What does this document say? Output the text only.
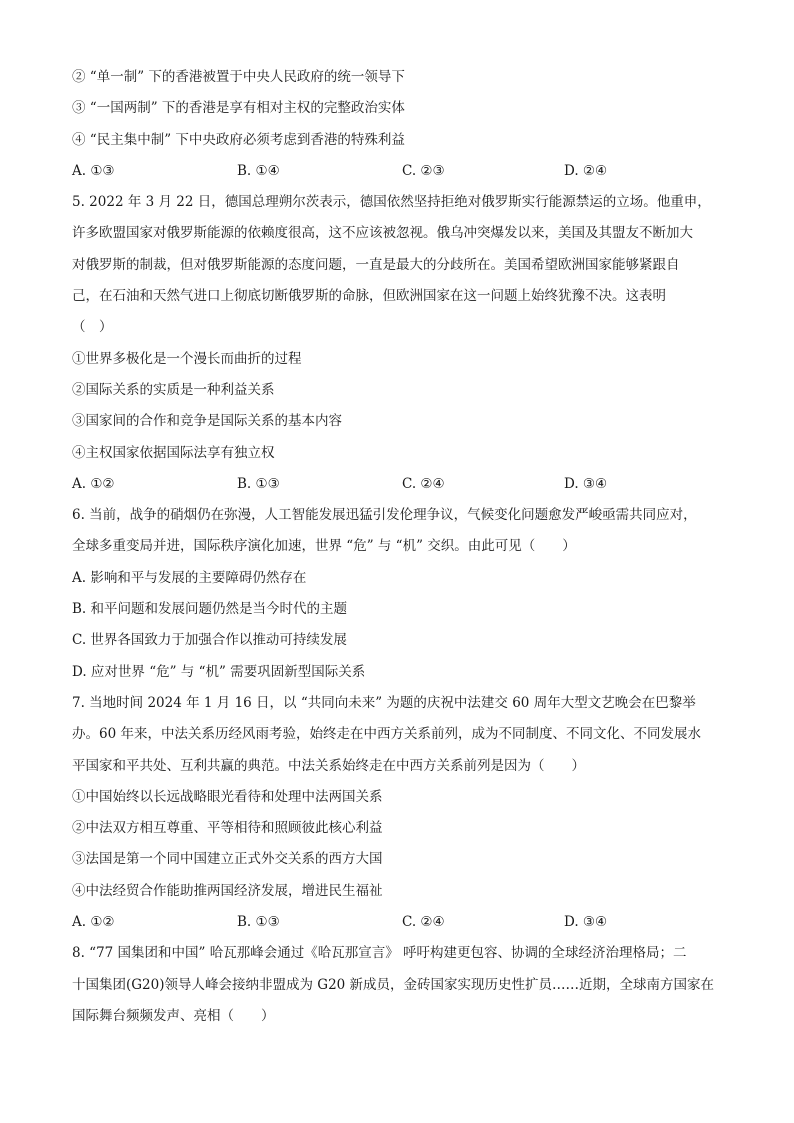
② “单一制” 下的香港被置于中央人民政府的统一领导下
③ “一国两制” 下的香港是享有相对主权的完整政治实体
④ “民主集中制” 下中央政府必须考虑到香港的特殊利益
A. ①③	B. ①④	C. ②③	D. ②④
5. 2022 年 3 月 22 日，德国总理朔尔茨表示，德国依然坚持拒绝对俄罗斯实行能源禁运的立场。他重申，
许多欧盟国家对俄罗斯能源的依赖度很高，这不应该被忽视。俄乌冲突爆发以来，美国及其盟友不断加大
对俄罗斯的制裁，但对俄罗斯能源的态度问题，一直是最大的分歧所在。美国希望欧洲国家能够紧跟自
己，在石油和天然气进口上彻底切断俄罗斯的命脉，但欧洲国家在这一问题上始终犹豫不决。这表明
（　）
①世界多极化是一个漫长而曲折的过程
②国际关系的实质是一种利益关系
③国家间的合作和竞争是国际关系的基本内容
④主权国家依据国际法享有独立权
A. ①②	B. ①③	C. ②④	D. ③④
6. 当前，战争的硝烟仍在弥漫，人工智能发展迅猛引发伦理争议，气候变化问题愈发严峻亟需共同应对，
全球多重变局并进，国际秩序演化加速，世界 “危” 与 “机” 交织。由此可见（　　）
A. 影响和平与发展的主要障碍仍然存在
B. 和平问题和发展问题仍然是当今时代的主题
C. 世界各国致力于加强合作以推动可持续发展
D. 应对世界 “危” 与 “机” 需要巩固新型国际关系
7. 当地时间 2024 年 1 月 16 日，以 “共同向未来” 为题的庆祝中法建交 60 周年大型文艺晚会在巴黎举
办。60 年来，中法关系历经风雨考验，始终走在中西方关系前列，成为不同制度、不同文化、不同发展水
平国家和平共处、互利共赢的典范。中法关系始终走在中西方关系前列是因为（　　）
①中国始终以长远战略眼光看待和处理中法两国关系
②中法双方相互尊重、平等相待和照顾彼此核心利益
③法国是第一个同中国建立正式外交关系的西方大国
④中法经贸合作能助推两国经济发展，增进民生福祉
A. ①②	B. ①③	C. ②④	D. ③④
8. “77 国集团和中国” 哈瓦那峰会通过《哈瓦那宣言》 呼吁构建更包容、协调的全球经济治理格局；二
十国集团(G20)领导人峰会接纳非盟成为 G20 新成员，金砖国家实现历史性扩员……近期，全球南方国家在
国际舞台频频发声、亮相（　　）
